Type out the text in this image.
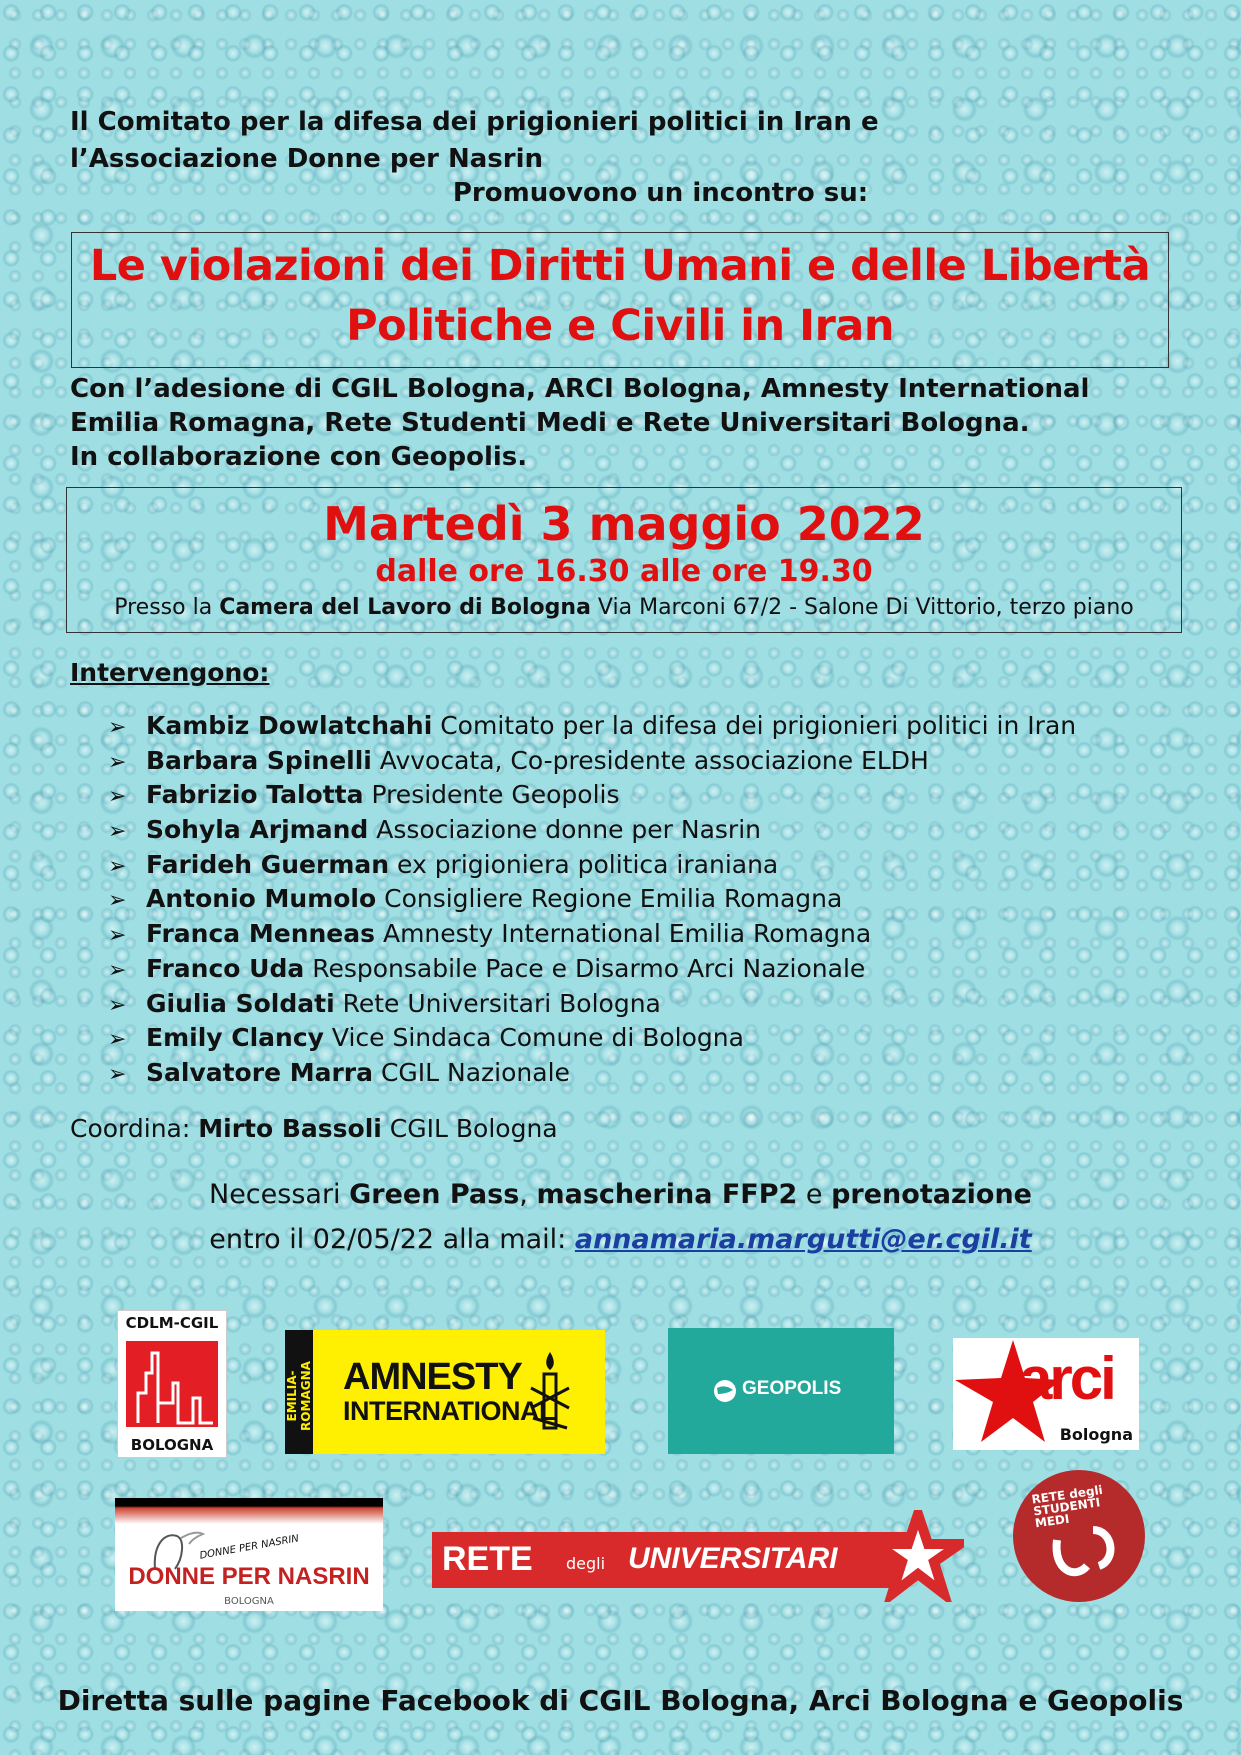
Il Comitato per la difesa dei prigionieri politici in Iran e
l’Associazione Donne per Nasrin
Promuovono un incontro su:
Le violazioni dei Diritti Umani e delle Libertà
Politiche e Civili in Iran
Con l’adesione di CGIL Bologna, ARCI Bologna, Amnesty International
Emilia Romagna, Rete Studenti Medi e Rete Universitari Bologna.
In collaborazione con Geopolis.
Martedì 3 maggio 2022
dalle ore 16.30 alle ore 19.30
Presso la Camera del Lavoro di Bologna Via Marconi 67/2 - Salone Di Vittorio, terzo piano
Intervengono:
➢ Kambiz Dowlatchahi Comitato per la difesa dei prigionieri politici in Iran
➢ Barbara Spinelli Avvocata, Co-presidente associazione ELDH
➢ Fabrizio Talotta Presidente Geopolis
➢ Sohyla Arjmand Associazione donne per Nasrin
➢ Farideh Guerman ex prigioniera politica iraniana
➢ Antonio Mumolo Consigliere Regione Emilia Romagna
➢ Franca Menneas Amnesty International Emilia Romagna
➢ Franco Uda Responsabile Pace e Disarmo Arci Nazionale
➢ Giulia Soldati Rete Universitari Bologna
➢ Emily Clancy Vice Sindaca Comune di Bologna
➢ Salvatore Marra CGIL Nazionale
Coordina: Mirto Bassoli CGIL Bologna
Necessari Green Pass, mascherina FFP2 e prenotazione
entro il 02/05/22 alla mail: annamaria.margutti@er.cgil.it
CDLM-CGIL
BOLOGNA
EMILIA-ROMAGNA AMNESTY
INTERNATIONAL
GEOPOLIS	arci
Bologna
DONNE PER NASRIN
DONNE PER NASRIN
BOLOGNA
RETE degli UNIVERSITARI
RETE degli STUDENTI MEDI
Diretta sulle pagine Facebook di CGIL Bologna, Arci Bologna e Geopolis
